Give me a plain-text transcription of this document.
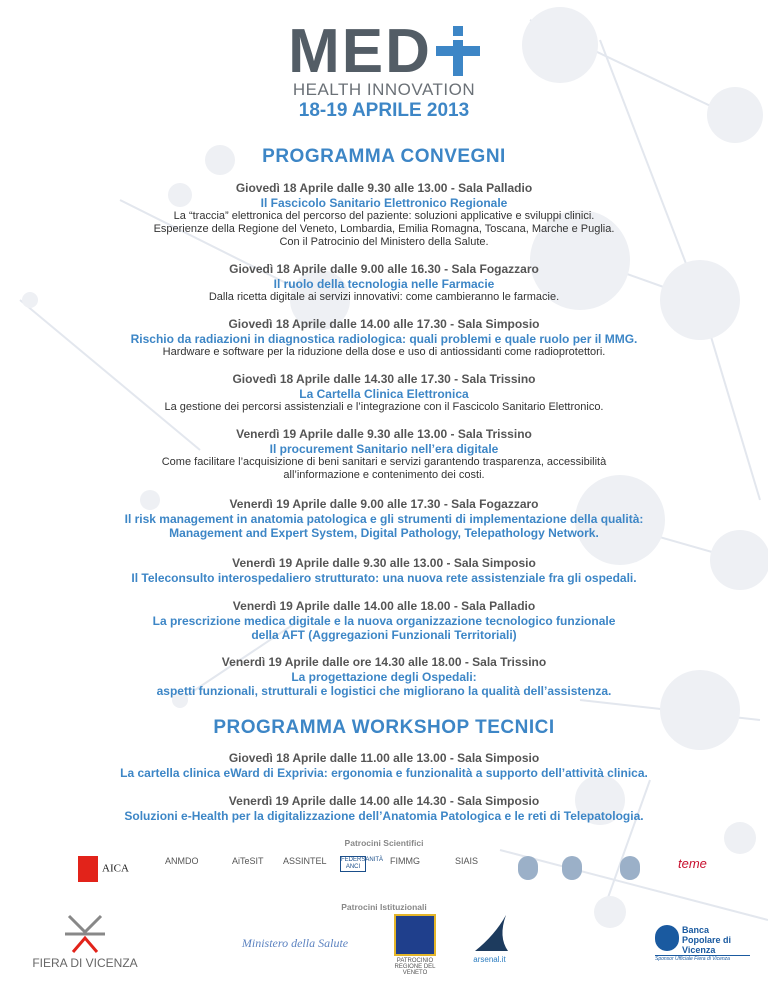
MED
HEALTH INNOVATION
18-19 APRILE 2013
PROGRAMMA CONVEGNI
Giovedì 18 Aprile dalle 9.30 alle 13.00 - Sala Palladio
Il Fascicolo Sanitario Elettronico Regionale
La “traccia” elettronica del percorso del paziente: soluzioni applicative e sviluppi clinici.
Esperienze della Regione del Veneto, Lombardia, Emilia Romagna, Toscana, Marche e Puglia.
Con il Patrocinio del Ministero della Salute.
Giovedì 18 Aprile dalle 9.00 alle 16.30 - Sala Fogazzaro
Il ruolo della tecnologia nelle Farmacie
Dalla ricetta digitale ai servizi innovativi: come cambieranno le farmacie.
Giovedì 18 Aprile dalle 14.00 alle 17.30 - Sala Simposio
Rischio da radiazioni in diagnostica radiologica: quali problemi e quale ruolo per il MMG.
Hardware e software per la riduzione della dose e uso di antiossidanti come radioprotettori.
Giovedì 18 Aprile dalle 14.30 alle 17.30 - Sala Trissino
La Cartella Clinica Elettronica
La gestione dei percorsi assistenziali e l’integrazione con il Fascicolo Sanitario Elettronico.
Venerdì 19 Aprile dalle 9.30 alle 13.00 - Sala Trissino
Il procurement Sanitario nell’era digitale
Come facilitare l’acquisizione di beni sanitari e servizi garantendo trasparenza, accessibilità
all’informazione e contenimento dei costi.
Venerdì 19 Aprile dalle 9.00 alle 17.30 - Sala Fogazzaro
Il risk management in anatomia patologica e gli strumenti di implementazione della qualità:
Management and Expert System, Digital Pathology, Telepathology Network.
Venerdì 19 Aprile dalle 9.30 alle 13.00 - Sala Simposio
Il Teleconsulto interospedaliero strutturato: una nuova rete assistenziale fra gli ospedali.
Venerdì 19 Aprile dalle 14.00 alle 18.00 - Sala Palladio
La prescrizione medica digitale e la nuova organizzazione tecnologico funzionale
della AFT (Aggregazioni Funzionali Territoriali)
Venerdì 19 Aprile dalle ore 14.30 alle 18.00 - Sala Trissino
La progettazione degli Ospedali:
aspetti funzionali, strutturali e logistici che migliorano la qualità dell’assistenza.
PROGRAMMA WORKSHOP TECNICI
Giovedì 18 Aprile dalle 11.00 alle 13.00 - Sala Simposio
La cartella clinica eWard di Exprivia: ergonomia e funzionalità a supporto dell’attività clinica.
Venerdì 19 Aprile dalle 14.00 alle 14.30 - Sala Simposio
Soluzioni e-Health per la digitalizzazione dell’Anatomia Patologica e le reti di Telepatologia.
Patrocini Scientifici
AICA
ANMDO	AiTeSIT ASSINTEL FEDERSANITÀ ANCI
FIMMG	SIAIS	teme
Patrocini Istituzionali
FIERA DI VICENZA
Ministero della Salute
PATROCINIO REGIONE DEL VENETO
arsenal.it
Banca Popolare di Vicenza
Sponsor Ufficiale Fiera di Vicenza
